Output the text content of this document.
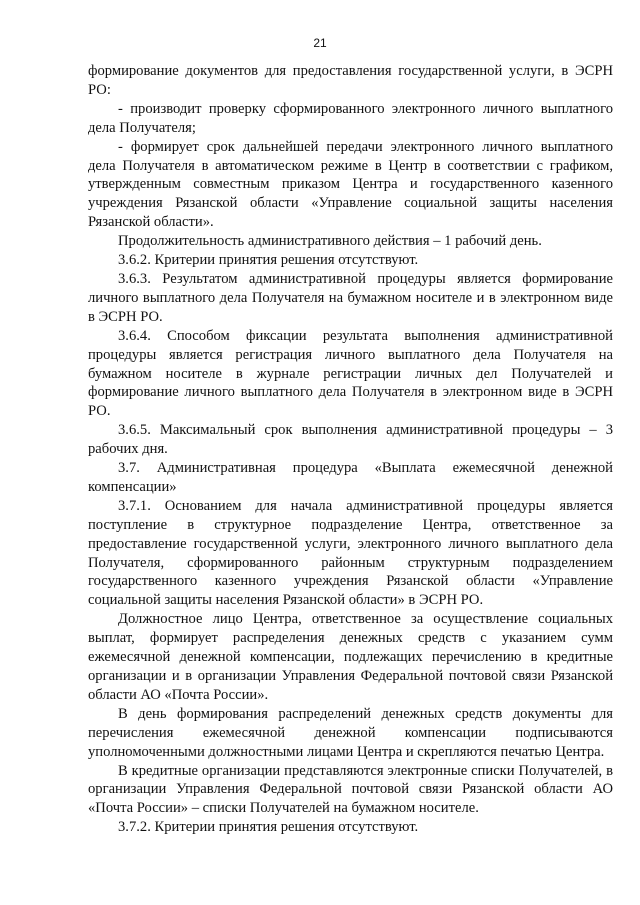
21

формирование документов для предоставления государственной услуги, в ЭСРН РО:

- производит проверку сформированного электронного личного выплатного дела Получателя;

- формирует срок дальнейшей передачи электронного личного выплатного дела Получателя в автоматическом режиме в Центр в соответствии с графиком, утвержденным совместным приказом Центра и государственного казенного учреждения Рязанской области «Управление социальной защиты населения Рязанской области».

Продолжительность административного действия – 1 рабочий день.

3.6.2. Критерии принятия решения отсутствуют.

3.6.3. Результатом административной процедуры является формирование личного выплатного дела Получателя на бумажном носителе и в электронном виде в ЭСРН РО.

3.6.4. Способом фиксации результата выполнения административной процедуры является регистрация личного выплатного дела Получателя на бумажном носителе в журнале регистрации личных дел Получателей и формирование личного выплатного дела Получателя в электронном виде в ЭСРН РО.

3.6.5. Максимальный срок выполнения административной процедуры – 3 рабочих дня.

3.7. Административная процедура «Выплата ежемесячной денежной компенсации»

3.7.1. Основанием для начала административной процедуры является поступление в структурное подразделение Центра, ответственное за предоставление государственной услуги, электронного личного выплатного дела Получателя, сформированного районным структурным подразделением государственного казенного учреждения Рязанской области «Управление социальной защиты населения Рязанской области» в ЭСРН РО.

Должностное лицо Центра, ответственное за осуществление социальных выплат, формирует распределения денежных средств с указанием сумм ежемесячной денежной компенсации, подлежащих перечислению в кредитные организации и в организации Управления Федеральной почтовой связи Рязанской области АО «Почта России».

В день формирования распределений денежных средств документы для перечисления ежемесячной денежной компенсации подписываются уполномоченными должностными лицами Центра и скрепляются печатью Центра.

В кредитные организации представляются электронные списки Получателей, в организации Управления Федеральной почтовой связи Рязанской области АО «Почта России» – списки Получателей на бумажном носителе.

3.7.2. Критерии принятия решения отсутствуют.
